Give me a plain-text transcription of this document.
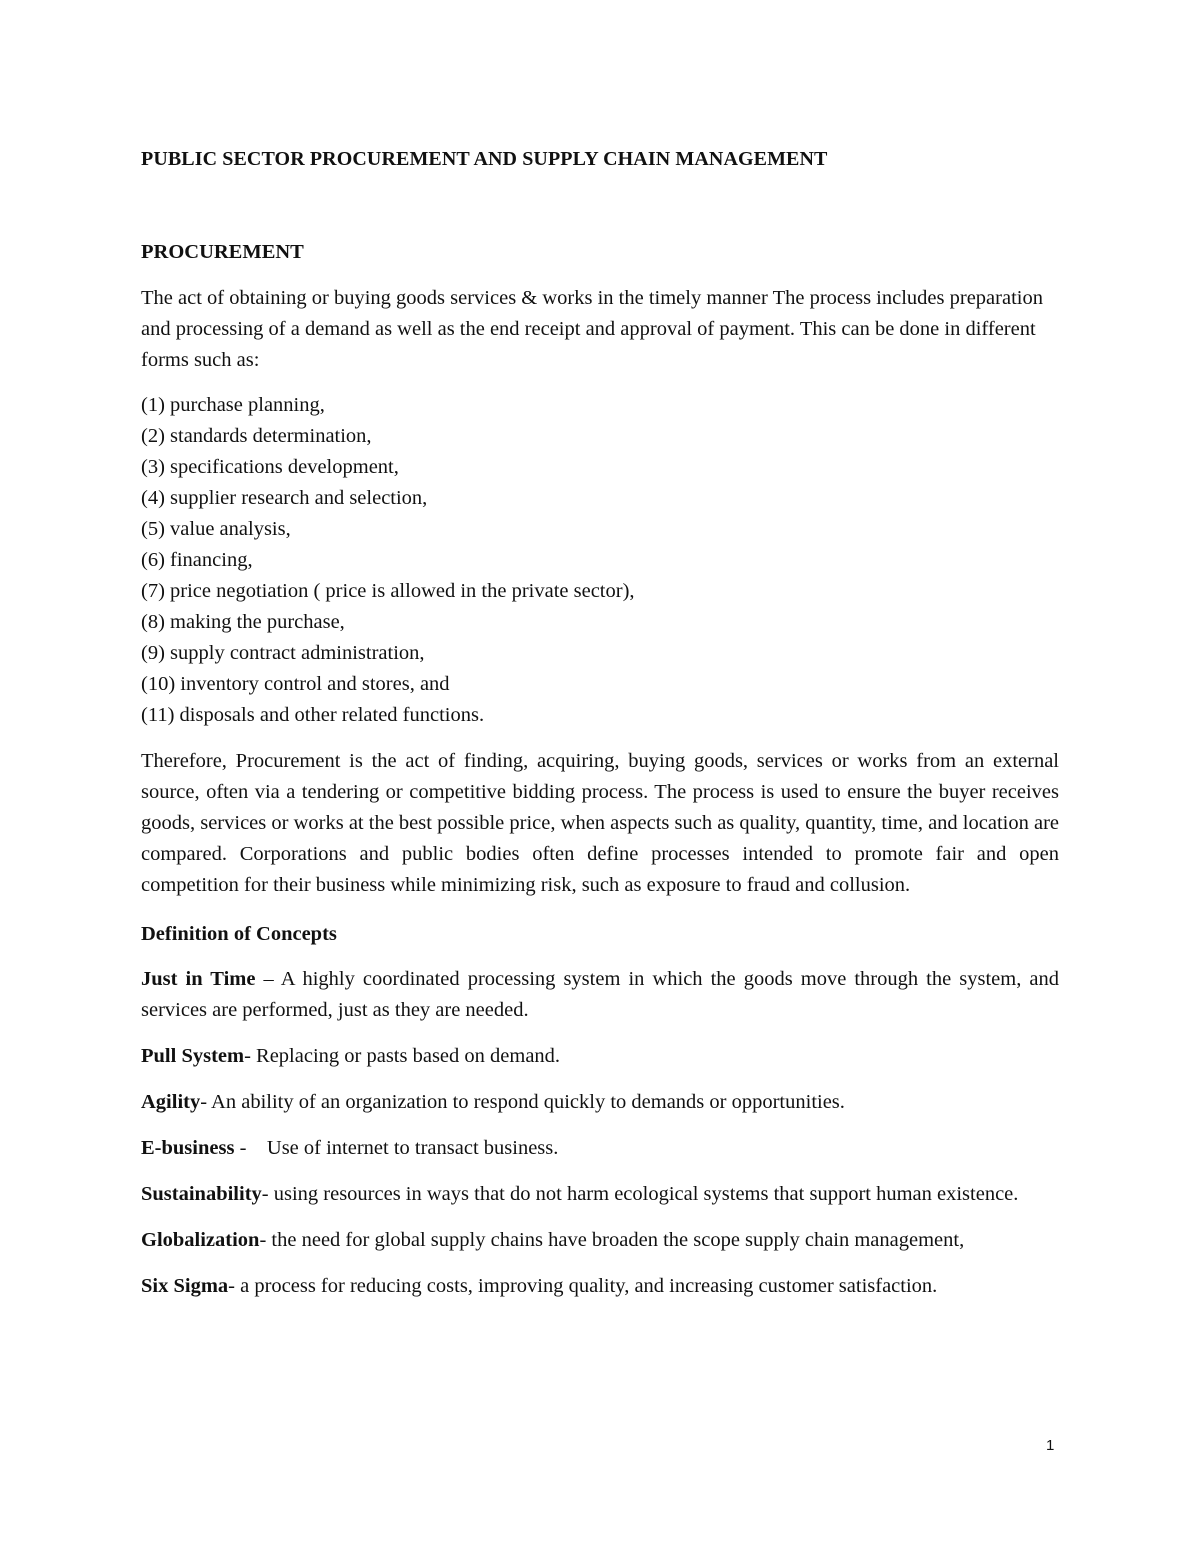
PUBLIC SECTOR PROCUREMENT AND SUPPLY CHAIN MANAGEMENT
PROCUREMENT

The act of obtaining or buying goods services & works in the timely manner The process includes preparation and processing of a demand as well as the end receipt and approval of payment. This can be done in different forms such as:

(1) purchase planning,
(2) standards determination,
(3) specifications development,
(4) supplier research and selection,
(5) value analysis,
(6) financing,
(7) price negotiation ( price is allowed in the private sector),
(8) making the purchase,
(9) supply contract administration,
(10) inventory control and stores, and
(11) disposals and other related functions.

Therefore, Procurement is the act of finding, acquiring, buying goods, services or works from an external source, often via a tendering or competitive bidding process. The process is used to ensure the buyer receives goods, services or works at the best possible price, when aspects such as quality, quantity, time, and location are compared. Corporations and public bodies often define processes intended to promote fair and open competition for their business while minimizing risk, such as exposure to fraud and collusion.

Definition of Concepts

Just in Time – A highly coordinated processing system in which the goods move through the system, and services are performed, just as they are needed.

Pull System- Replacing or pasts based on demand.

Agility- An ability of an organization to respond quickly to demands or opportunities.

E-business -    Use of internet to transact business.

Sustainability- using resources in ways that do not harm ecological systems that support human existence.

Globalization- the need for global supply chains have broaden the scope supply chain management,

Six Sigma- a process for reducing costs, improving quality, and increasing customer satisfaction.

1
